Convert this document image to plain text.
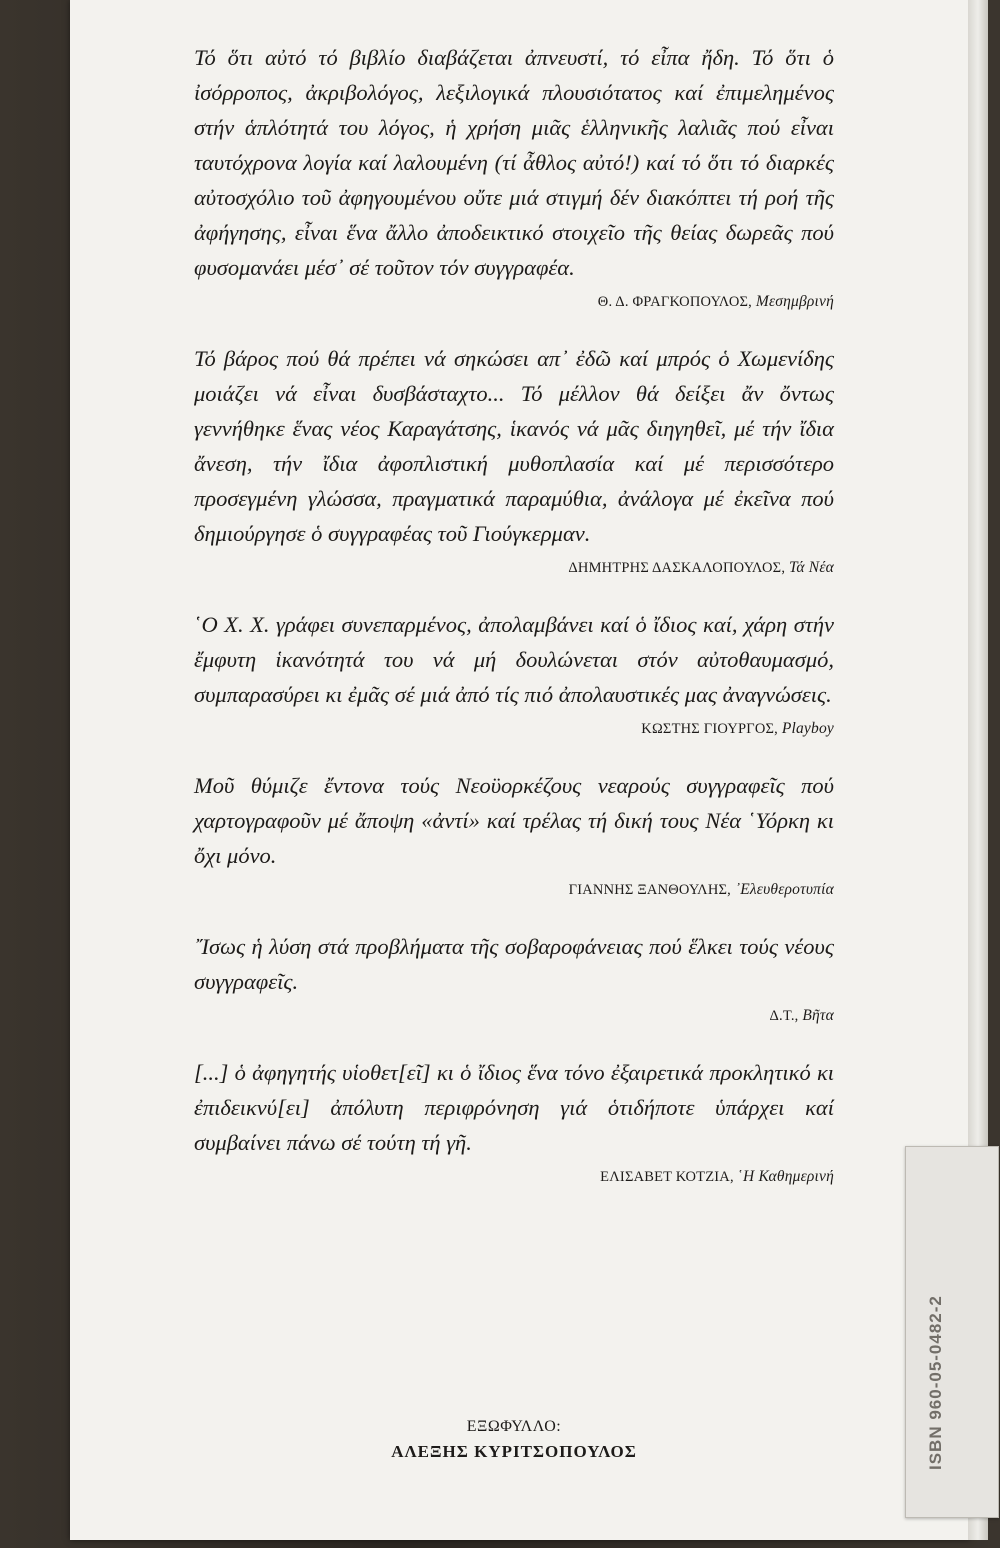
Τό ὅτι αὐτό τό βιβλίο διαβάζεται ἀπνευστί, τό εἶπα ἤδη. Τό ὅτι ὁ ἰσόρροπος, ἀκριβολόγος, λεξιλογικά πλουσιότατος καί ἐπιμελημένος στήν ἁπλότητά του λόγος, ἡ χρήση μιᾶς ἑλληνικῆς λαλιᾶς πού εἶναι ταυτόχρονα λογία καί λαλουμένη (τί ἆθλος αὐτό!) καί τό ὅτι τό διαρκές αὐτοσχόλιο τοῦ ἀφηγουμένου οὔτε μιά στιγμή δέν διακόπτει τή ροή τῆς ἀφήγησης, εἶναι ἕνα ἄλλο ἀποδεικτικό στοιχεῖο τῆς θείας δωρεᾶς πού φυσομανάει μέσ᾽ σέ τοῦτον τόν συγγραφέα.

Θ. Δ. ΦΡΑΓΚΟΠΟΥΛΟΣ, Μεσημβρινή

Τό βάρος πού θά πρέπει νά σηκώσει απ᾽ ἐδῶ καί μπρός ὁ Χωμενίδης μοιάζει νά εἶναι δυσβάσταχτο... Τό μέλλον θά δείξει ἄν ὄντως γεννήθηκε ἕνας νέος Καραγάτσης, ἱκανός νά μᾶς διηγηθεῖ, μέ τήν ἴδια ἄνεση, τήν ἴδια ἀφοπλιστική μυθοπλασία καί μέ περισσότερο προσεγμένη γλώσσα, πραγματικά παραμύθια, ἀνάλογα μέ ἐκεῖνα πού δημιούργησε ὁ συγγραφέας τοῦ Γιούγκερμαν.

ΔΗΜΗΤΡΗΣ ΔΑΣΚΑΛΟΠΟΥΛΟΣ, Τά Νέα

῾Ο Χ. Χ. γράφει συνεπαρμένος, ἀπολαμβάνει καί ὁ ἴδιος καί, χάρη στήν ἔμφυτη ἱκανότητά του νά μή δουλώνεται στόν αὐτοθαυμασμό, συμπαρασύρει κι ἐμᾶς σέ μιά ἀπό τίς πιό ἀπολαυστικές μας ἀναγνώσεις.

ΚΩΣΤΗΣ ΓΙΟΥΡΓΟΣ, Playboy

Μοῦ θύμιζε ἔντονα τούς Νεοϋορκέζους νεαρούς συγγραφεῖς πού χαρτογραφοῦν μέ ἄποψη «ἀντί» καί τρέλας τή δική τους Νέα ῾Υόρκη κι ὄχι μόνο.

ΓΙΑΝΝΗΣ ΞΑΝΘΟΥΛΗΣ, ᾽Ελευθεροτυπία

῎Ισως ἡ λύση στά προβλήματα τῆς σοβαροφάνειας πού ἕλκει τούς νέους συγγραφεῖς.

Δ.Τ., Βῆτα

[...] ὁ ἀφηγητής υἱοθετ[εῖ] κι ὁ ἴδιος ἕνα τόνο ἐξαιρετικά προκλητικό κι ἐπιδεικνύ[ει] ἀπόλυτη περιφρόνηση γιά ὁτιδήποτε ὑπάρχει καί συμβαίνει πάνω σέ τούτη τή γῆ.

ΕΛΙΣΑΒΕΤ ΚΟΤΖΙΑ, ῾Η Καθημερινή
ΕΞΩΦΥΛΛΟ:
ΑΛΕΞΗΣ ΚΥΡΙΤΣΟΠΟΥΛΟΣ	ISBN 960-05-0482-2
